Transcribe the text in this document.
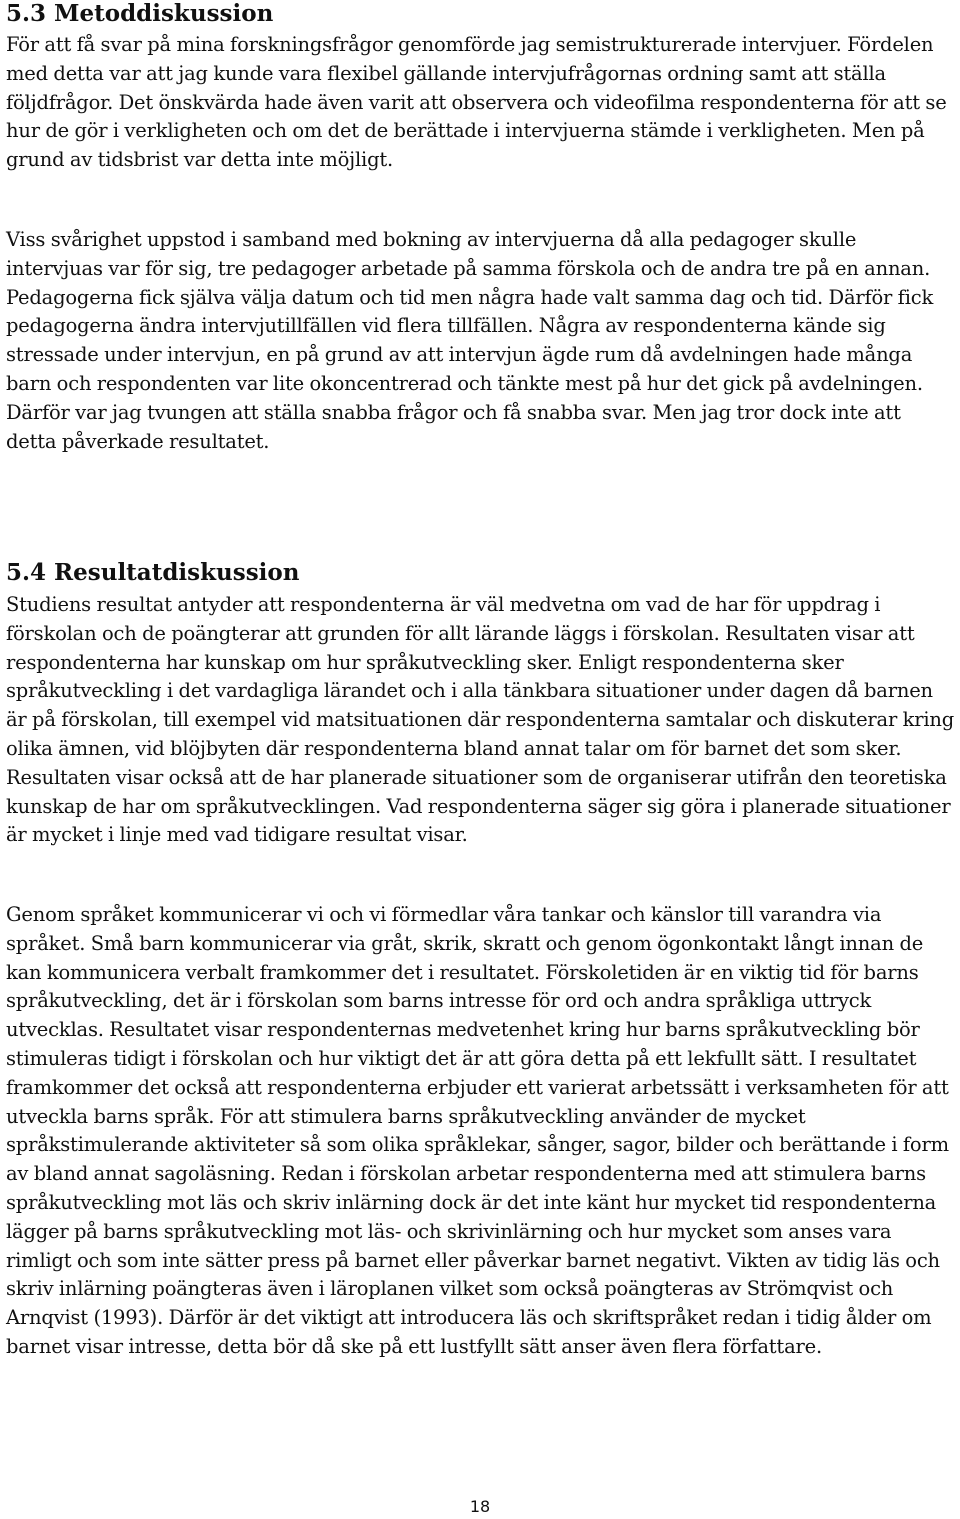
5.3 Metoddiskussion

För att få svar på mina forskningsfrågor genomförde jag semistrukturerade intervjuer. Fördelen med detta var att jag kunde vara flexibel gällande intervjufrågornas ordning samt att ställa följdfrågor. Det önskvärda hade även varit att observera och videofilma respondenterna för att se hur de gör i verkligheten och om det de berättade i intervjuerna stämde i verkligheten. Men på grund av tidsbrist var detta inte möjligt.

Viss svårighet uppstod i samband med bokning av intervjuerna då alla pedagoger skulle intervjuas var för sig, tre pedagoger arbetade på samma förskola och de andra tre på en annan. Pedagogerna fick själva välja datum och tid men några hade valt samma dag och tid. Därför fick pedagogerna ändra intervjutillfällen vid flera tillfällen. Några av respondenterna kände sig stressade under intervjun, en på grund av att intervjun ägde rum då avdelningen hade många barn och respondenten var lite okoncentrerad och tänkte mest på hur det gick på avdelningen. Därför var jag tvungen att ställa snabba frågor och få snabba svar. Men jag tror dock inte att detta påverkade resultatet.

5.4 Resultatdiskussion

Studiens resultat antyder att respondenterna är väl medvetna om vad de har för uppdrag i förskolan och de poängterar att grunden för allt lärande läggs i förskolan. Resultaten visar att respondenterna har kunskap om hur språkutveckling sker. Enligt respondenterna sker språkutveckling i det vardagliga lärandet och i alla tänkbara situationer under dagen då barnen är på förskolan, till exempel vid matsituationen där respondenterna samtalar och diskuterar kring olika ämnen, vid blöjbyten där respondenterna bland annat talar om för barnet det som sker. Resultaten visar också att de har planerade situationer som de organiserar utifrån den teoretiska kunskap de har om språkutvecklingen. Vad respondenterna säger sig göra i planerade situationer är mycket i linje med vad tidigare resultat visar.

Genom språket kommunicerar vi och vi förmedlar våra tankar och känslor till varandra via språket. Små barn kommunicerar via gråt, skrik, skratt och genom ögonkontakt långt innan de kan kommunicera verbalt framkommer det i resultatet. Förskoletiden är en viktig tid för barns språkutveckling, det är i förskolan som barns intresse för ord och andra språkliga uttryck utvecklas. Resultatet visar respondenternas medvetenhet kring hur barns språkutveckling bör stimuleras tidigt i förskolan och hur viktigt det är att göra detta på ett lekfullt sätt. I resultatet framkommer det också att respondenterna erbjuder ett varierat arbetssätt i verksamheten för att utveckla barns språk. För att stimulera barns språkutveckling använder de mycket språkstimulerande aktiviteter så som olika språklekar, sånger, sagor, bilder och berättande i form av bland annat sagoläsning. Redan i förskolan arbetar respondenterna med att stimulera barns språkutveckling mot läs och skriv inlärning dock är det inte känt hur mycket tid respondenterna lägger på barns språkutveckling mot läs- och skrivinlärning och hur mycket som anses vara rimligt och som inte sätter press på barnet eller påverkar barnet negativt. Vikten av tidig läs och skriv inlärning poängteras även i läroplanen vilket som också poängteras av Strömqvist och Arnqvist (1993). Därför är det viktigt att introducera läs och skriftspråket redan i tidig ålder om barnet visar intresse, detta bör då ske på ett lustfyllt sätt anser även flera författare.

18
